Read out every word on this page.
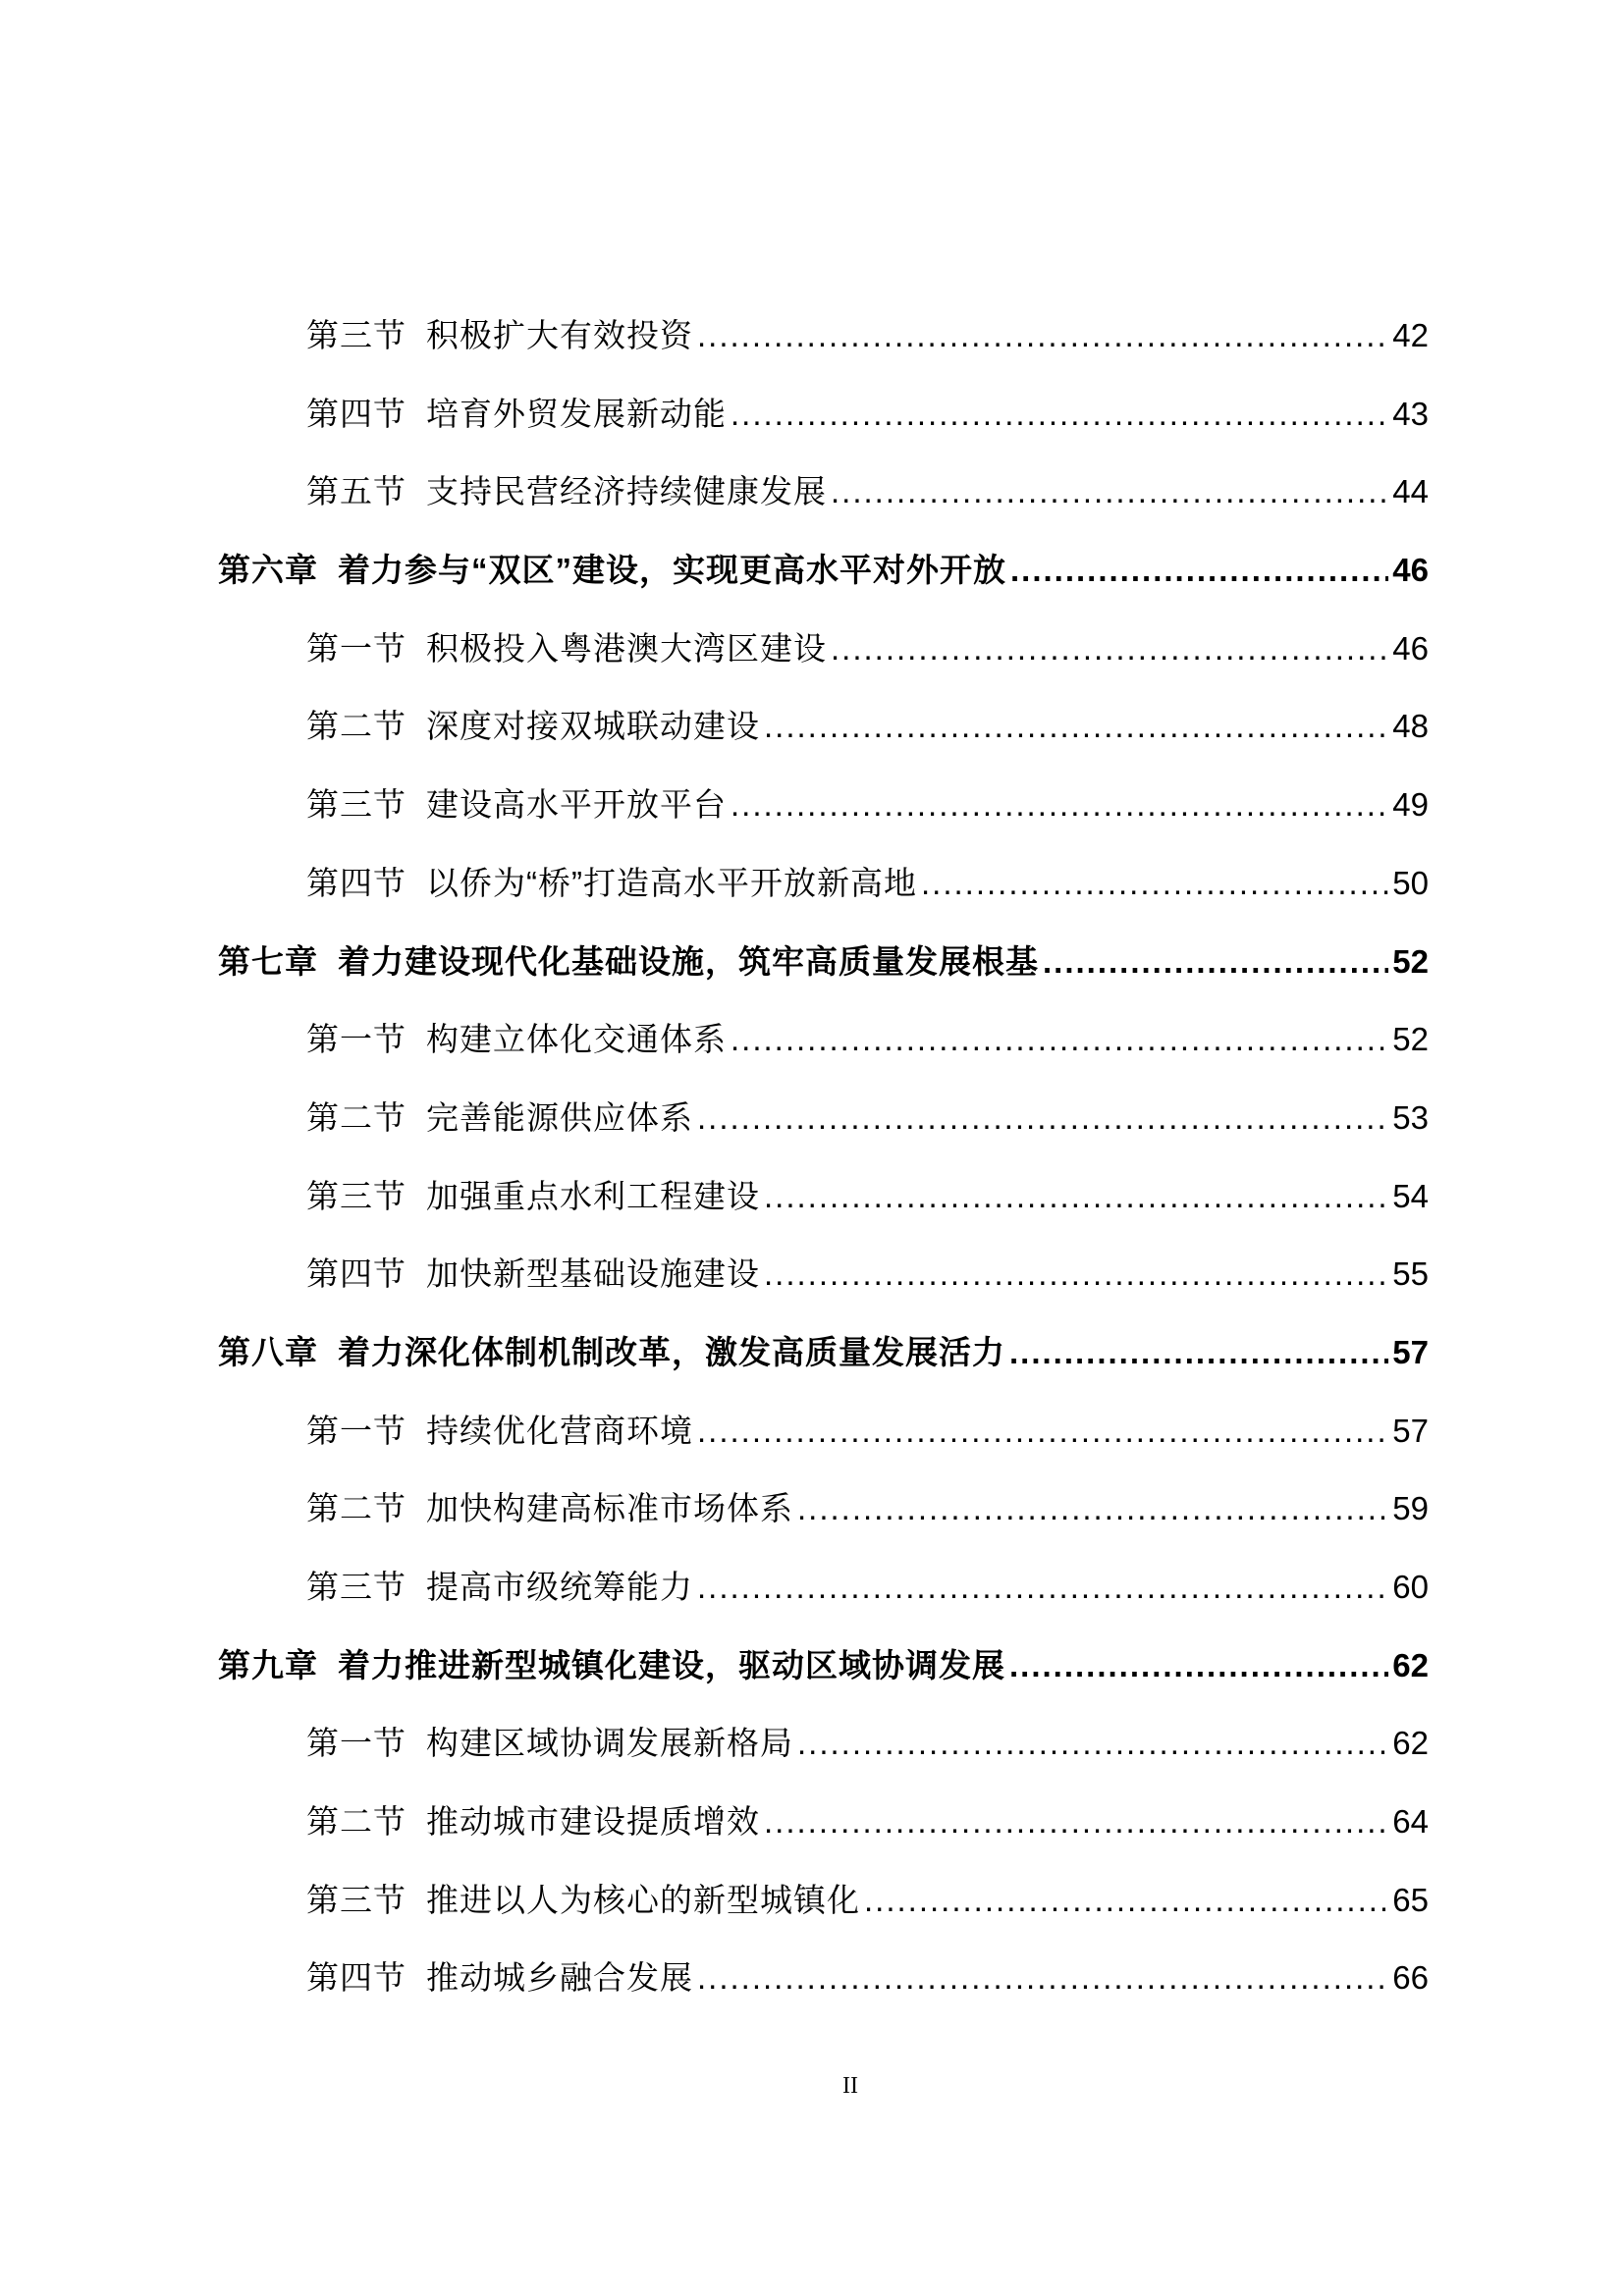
第三节 积极扩大有效投资 .....	42
第四节 培育外贸发展新动能 .....	43
第五节 支持民营经济持续健康发展 .....	44
第六章 着力参与“双区”建设，实现更高水平对外开放 .....	46
第一节 积极投入粤港澳大湾区建设 .....	46
第二节 深度对接双城联动建设 .....	48
第三节 建设高水平开放平台 .....	49
第四节 以侨为“桥”打造高水平开放新高地 .....	50
第七章 着力建设现代化基础设施，筑牢高质量发展根基 .....	52
第一节 构建立体化交通体系 .....	52
第二节 完善能源供应体系 .....	53
第三节 加强重点水利工程建设 .....	54
第四节 加快新型基础设施建设 .....	55
第八章 着力深化体制机制改革，激发高质量发展活力 .....	57
第一节 持续优化营商环境 .....	57
第二节 加快构建高标准市场体系 .....	59
第三节 提高市级统筹能力 .....	60
第九章 着力推进新型城镇化建设，驱动区域协调发展 .....	62
第一节 构建区域协调发展新格局 .....	62
第二节 推动城市建设提质增效 .....	64
第三节 推进以人为核心的新型城镇化 .....	65
第四节 推动城乡融合发展 .....	66
II
